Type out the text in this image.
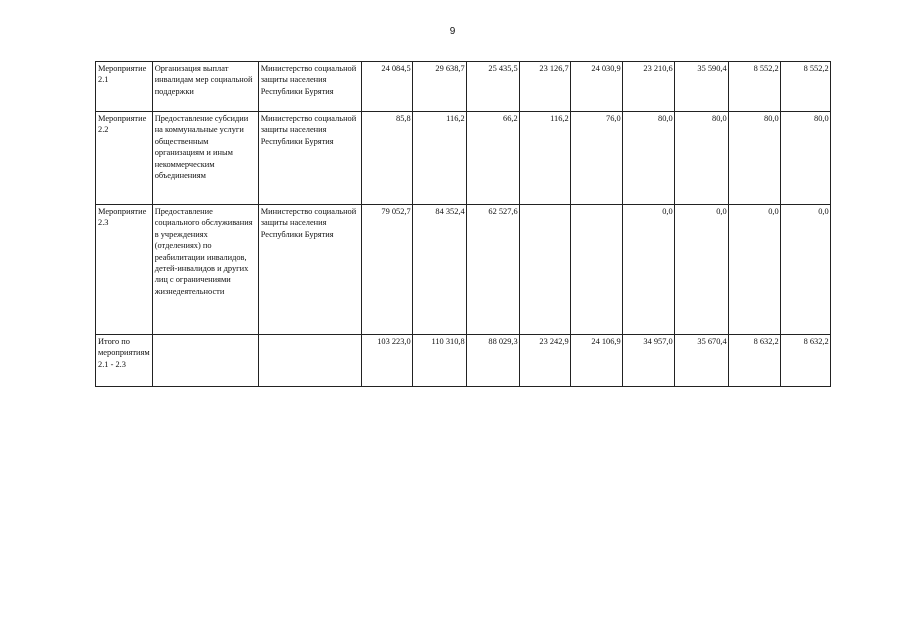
9
Мероприятие 2.1	Организация выплат инвалидам мер социальной поддержки	Министерство социальной защиты населения Республики Бурятия	24 084,5	29 638,7	25 435,5	23 126,7	24 030,9	23 210,6	35 590,4	8 552,2	8 552,2
Мероприятие 2.2	Предоставление субсидии на коммунальные услуги общественным организациям и иным некоммерческим объединениям	Министерство социальной защиты населения Республики Бурятия	85,8	116,2	66,2	116,2	76,0	80,0	80,0	80,0	80,0
Мероприятие 2.3	Предоставление социального обслуживания в учреждениях (отделениях) по реабилитации инвалидов, детей-инвалидов и других лиц с ограничениями жизнедеятельности	Министерство социальной защиты населения Республики Бурятия	79 052,7	84 352,4	62 527,6			0,0	0,0	0,0	0,0
Итого по мероприятиям 2.1 - 2.3			103 223,0	110 310,8	88 029,3	23 242,9	24 106,9	34 957,0	35 670,4	8 632,2	8 632,2
